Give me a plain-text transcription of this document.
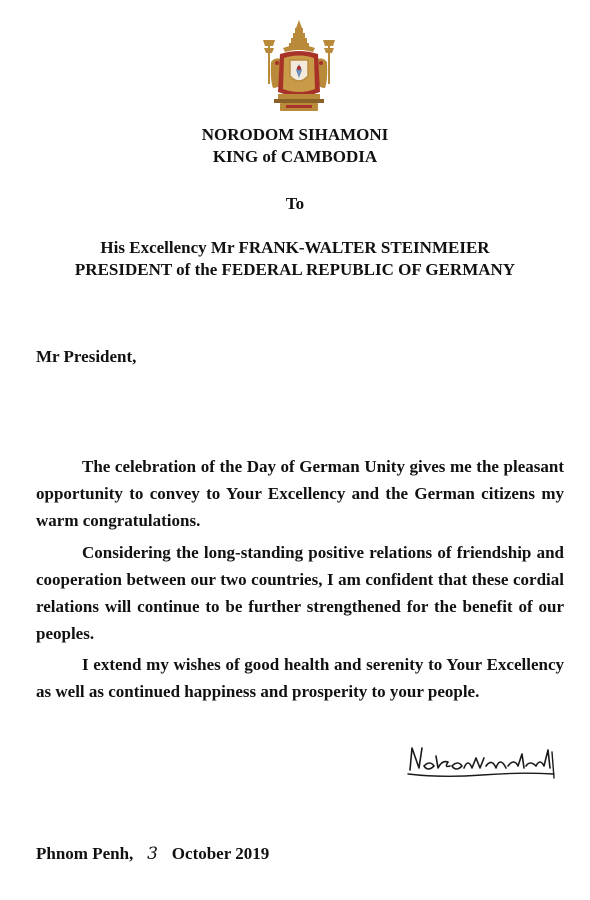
NORODOM SIHAMONI
KING of CAMBODIA
To
His Excellency Mr FRANK-WALTER STEINMEIER
PRESIDENT of the FEDERAL REPUBLIC OF GERMANY
Mr President,

The celebration of the Day of German Unity gives me the pleasant opportunity to convey to Your Excellency and the German citizens my warm congratulations.

Considering the long-standing positive relations of friendship and cooperation between our two countries, I am confident that these cordial relations will continue to be further strengthened for the benefit of our peoples.

I extend my wishes of good health and serenity to Your Excellency as well as continued happiness and prosperity to your people.

Phnom Penh, 3 October 2019
